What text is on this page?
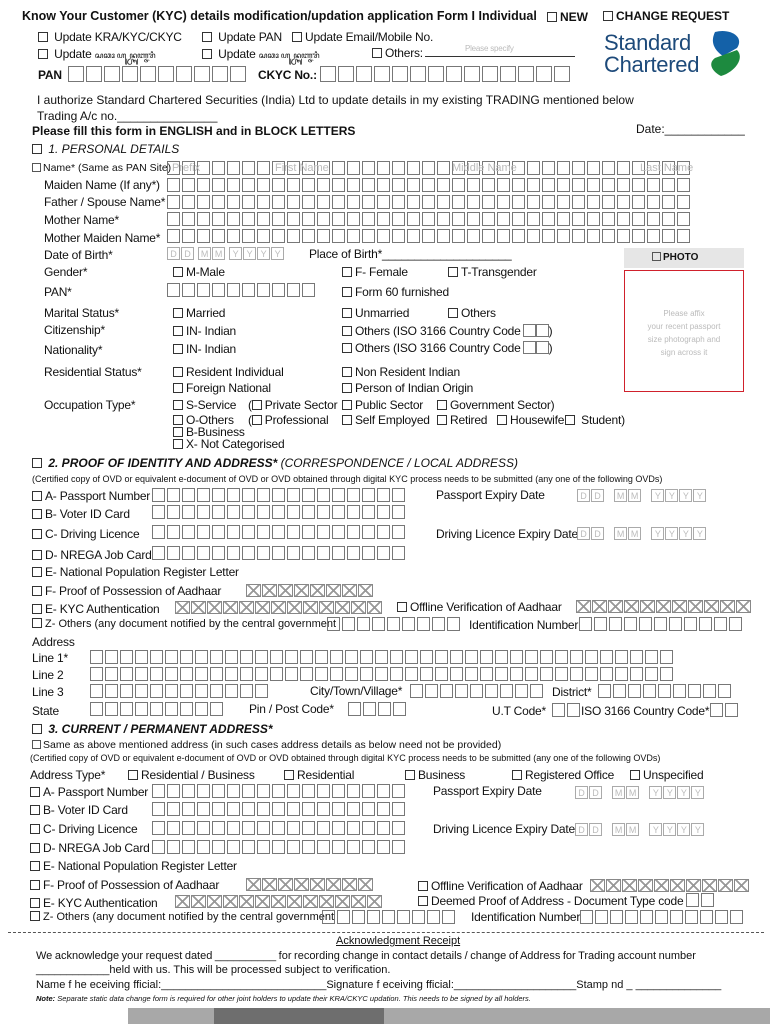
Know Your Customer (KYC) details modification/updation application Form I Individual	NEW	CHANGE REQUEST
Update KRA/KYC/CKYC	Update PAN	Update Email/Mobile No.
Update ꦱꦕꦴ ꦲꦸꦤ꧀ꦕꦸꦚ꧀ꦗꦫꦶ	Update ꦱꦕꦴ ꦲꦸꦤ꧀ꦕꦸꦚ꧀ꦗꦫꦶ	Others:	Please specify	Standard
Chartered
PAN	CKYC No.:
I authorize Standard Chartered Securities (India) Ltd to update details in my existing TRADING mentioned below
Trading A/c no._______________
Please fill this form in ENGLISH and in BLOCK LETTERS	Date:____________
1. PERSONAL DETAILS
Name* (Same as PAN Site) Prefix	First Name	Middle Name	Last Name
Maiden Name (If any*)
Father / Spouse Name*
Mother Name*
Mother Maiden Name*
Date of Birth*	D D M M Y Y Y Y	Place of Birth*____________________	PHOTO
Please affix
your recent passport
size photograph and
sign across it
Gender*	M-Male	F- Female	T-Transgender
PAN*	Form 60 furnished
Marital Status*	Married	Unmarried	Others
Citizenship*	IN- Indian	Others (ISO 3166 Country Code )
Nationality*	IN- Indian	Others (ISO 3166 Country Code )
Residential Status*	Resident Individual	Non Resident Indian
Foreign National	Person of Indian Origin
Occupation Type*	S-Service ( Private Sector	Public Sector	Government Sector)
O-Others ( Professional	Self Employed	Retired	Housewife	Student)
B-Business
X- Not Categorised
2. PROOF OF IDENTITY AND ADDRESS* (CORRESPONDENCE / LOCAL ADDRESS)
(Certified copy of OVD or equivalent e-document of OVD or OVD obtained through digital KYC process needs to be submitted (any one of the following OVDs)
A- Passport Number	Passport Expiry Date	D D M M Y Y Y Y
B- Voter ID Card
C- Driving Licence	Driving Licence Expiry Date D D M M Y Y Y Y
D- NREGA Job Card
E- National Population Register Letter
F- Proof of Possession of Aadhaar
E- KYC Authentication	Offline Verification of Aadhaar
Z- Others (any document notified by the central government	Identification Number
Address
Line 1*
Line 2
Line 3	City/Town/Village*	District*
State	Pin / Post Code*	U.T Code*	ISO 3166 Country Code*
3. CURRENT / PERMANENT ADDRESS*
Same as above mentioned address (in such cases address details as below need not be provided)
(Certified copy of OVD or equivalent e-document of OVD or OVD obtained through digital KYC process needs to be submitted (any one of the following OVDs)
Address Type*	Residential / Business	Residential	Business	Registered Office	Unspecified
A- Passport Number	Passport Expiry Date	D D M M Y Y Y Y
B- Voter ID Card
C- Driving Licence	Driving Licence Expiry Date D D M M Y Y Y Y
D- NREGA Job Card
E- National Population Register Letter
F- Proof of Possession of Aadhaar	Offline Verification of Aadhaar
E- KYC Authentication	Deemed Proof of Address - Document Type code
Z- Others (any document notified by the central government	Identification Number
Acknowledgment Receipt
We acknowledge your request dated __________ for recording change in contact details / change of Address for Trading account number
____________held with us. This will be processed subject to verification.
Name f he eceiving fficial:___________________________Signature f eceiving fficial:____________________Stamp nd _ ______________
Note: Separate static data change form is required for other joint holders to update their KRA/CKYC updation. This needs to be signed by all holders.
